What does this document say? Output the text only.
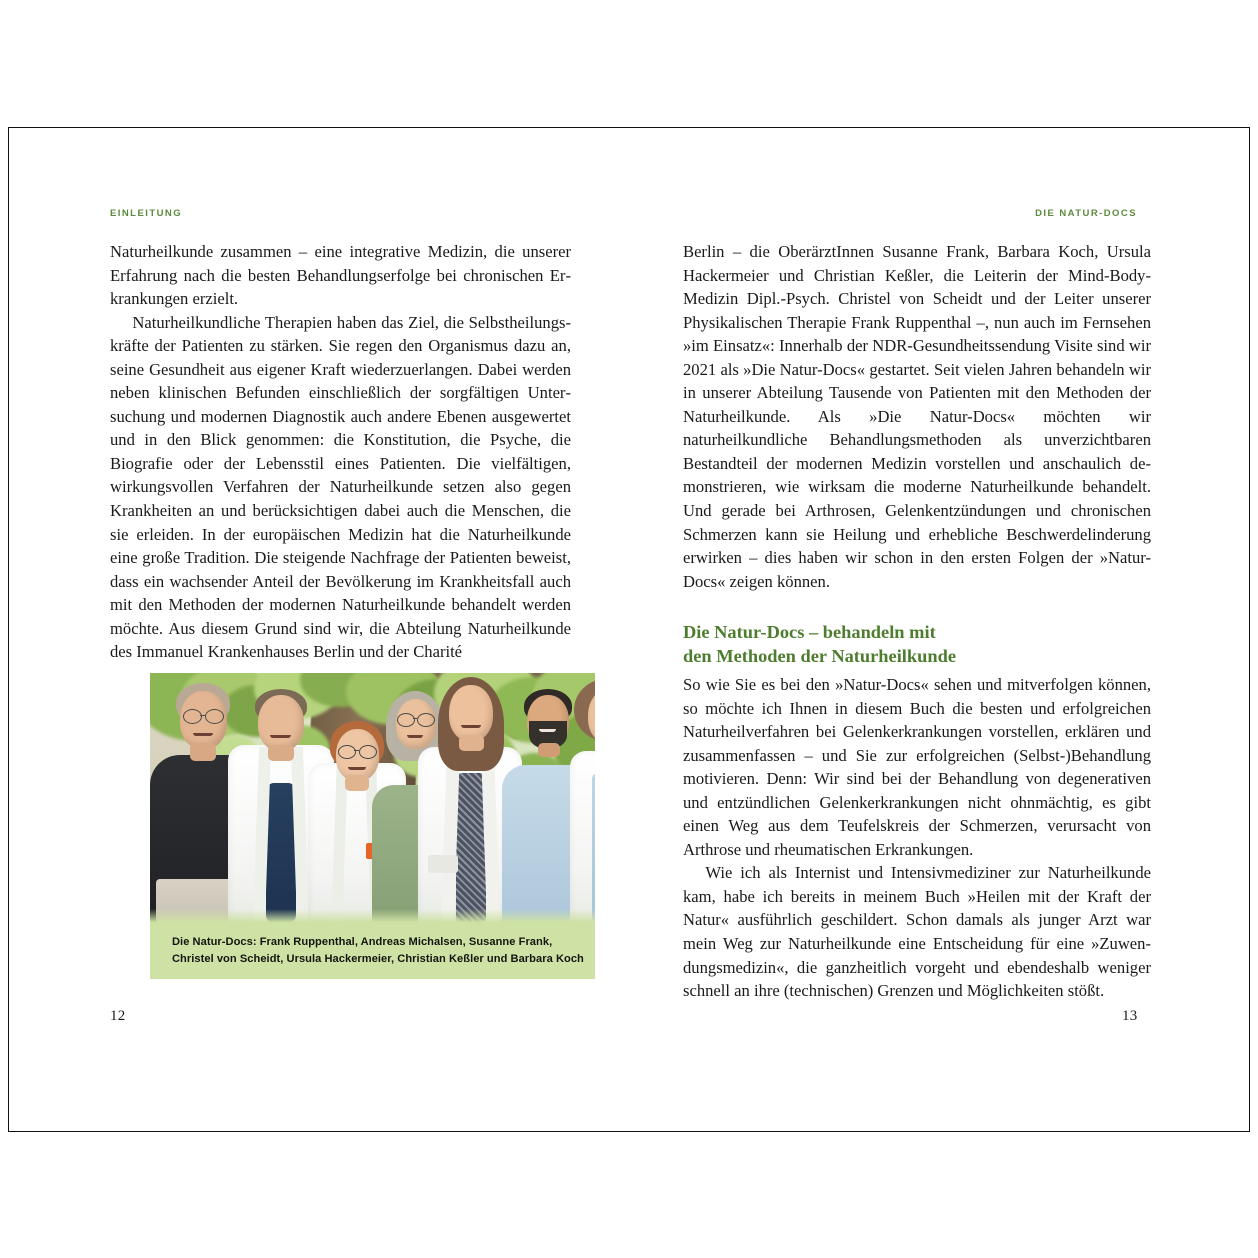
EINLEITUNG

Naturheilkunde zusammen – eine integrative Medizin, die unserer Erfahrung nach die besten Behandlungserfolge bei chronischen Erkrankungen erzielt.

Naturheilkundliche Therapien haben das Ziel, die Selbstheilungskräfte der Patienten zu stärken. Sie regen den Organismus dazu an, seine Gesundheit aus eigener Kraft wiederzuerlangen. Dabei werden neben klinischen Befunden einschließlich der sorgfältigen Untersuchung und modernen Diagnostik auch andere Ebenen ausgewertet und in den Blick genommen: die Konstitution, die Psyche, die Biografie oder der Lebensstil eines Patienten. Die vielfältigen, wirkungsvollen Verfahren der Naturheilkunde setzen also gegen Krankheiten an und berücksichtigen dabei auch die Menschen, die sie erleiden. In der europäischen Medizin hat die Naturheilkunde eine große Tradition. Die steigende Nachfrage der Patienten beweist, dass ein wachsender Anteil der Bevölkerung im Krankheitsfall auch mit den Methoden der modernen Naturheilkunde behandelt werden möchte. Aus diesem Grund sind wir, die Abteilung Naturheilkunde des Immanuel Krankenhauses Berlin und der Charité

Die Natur-Docs: Frank Ruppenthal, Andreas Michalsen, Susanne Frank,
Christel von Scheidt, Ursula Hackermeier, Christian Keßler und Barbara Koch
12
DIE NATUR-DOCS

Berlin – die OberärztInnen Susanne Frank, Barbara Koch, Ursula Hackermeier und Christian Keßler, die Leiterin der Mind-Body-Medizin Dipl.-Psych. Christel von Scheidt und der Leiter unserer Physikalischen Therapie Frank Ruppenthal –, nun auch im Fernsehen »im Einsatz«: Innerhalb der NDR-Gesundheitssendung Visite sind wir 2021 als »Die Natur-Docs« gestartet. Seit vielen Jahren behandeln wir in unserer Abteilung Tausende von Patienten mit den Methoden der Naturheilkunde. Als »Die Natur-Docs« möchten wir naturheilkundliche Behandlungsmethoden als unverzichtbaren Bestandteil der modernen Medizin vorstellen und anschaulich demonstrieren, wie wirksam die moderne Naturheilkunde behandelt. Und gerade bei Arthrosen, Gelenkentzündungen und chronischen Schmerzen kann sie Heilung und erhebliche Beschwerdelinderung erwirken – dies haben wir schon in den ersten Folgen der »Natur-Docs« zeigen können.

Die Natur-Docs – behandeln mit
den Methoden der Naturheilkunde

So wie Sie es bei den »Natur-Docs« sehen und mitverfolgen können, so möchte ich Ihnen in diesem Buch die besten und erfolgreichen Naturheilverfahren bei Gelenkerkrankungen vorstellen, erklären und zusammenfassen – und Sie zur erfolgreichen (Selbst-)Behandlung motivieren. Denn: Wir sind bei der Behandlung von degenerativen und entzündlichen Gelenkerkrankungen nicht ohnmächtig, es gibt einen Weg aus dem Teufelskreis der Schmerzen, verursacht von Arthrose und rheumatischen Erkrankungen.

Wie ich als Internist und Intensivmediziner zur Naturheilkunde kam, habe ich bereits in meinem Buch »Heilen mit der Kraft der Natur« ausführlich geschildert. Schon damals als junger Arzt war mein Weg zur Naturheilkunde eine Entscheidung für eine »Zuwendungsmedizin«, die ganzheitlich vorgeht und ebendeshalb weniger schnell an ihre (technischen) Grenzen und Möglichkeiten stößt.

13
